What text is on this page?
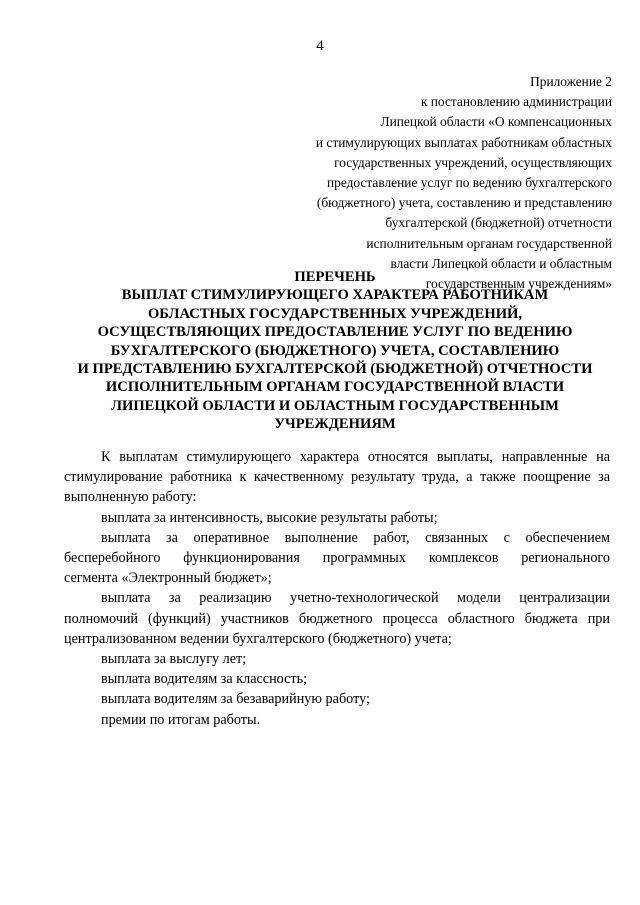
4
Приложение 2
к постановлению администрации
Липецкой области «О компенсационных
и стимулирующих выплатах работникам областных
государственных учреждений, осуществляющих
предоставление услуг по ведению бухгалтерского
(бюджетного) учета, составлению и представлению
бухгалтерской (бюджетной) отчетности
исполнительным органам государственной
власти Липецкой области и областным
государственным учреждениям»
ПЕРЕЧЕНЬ
ВЫПЛАТ СТИМУЛИРУЮЩЕГО ХАРАКТЕРА РАБОТНИКАМ
ОБЛАСТНЫХ ГОСУДАРСТВЕННЫХ УЧРЕЖДЕНИЙ,
ОСУЩЕСТВЛЯЮЩИХ ПРЕДОСТАВЛЕНИЕ УСЛУГ ПО ВЕДЕНИЮ
БУХГАЛТЕРСКОГО (БЮДЖЕТНОГО) УЧЕТА, СОСТАВЛЕНИЮ
И ПРЕДСТАВЛЕНИЮ БУХГАЛТЕРСКОЙ (БЮДЖЕТНОЙ) ОТЧЕТНОСТИ
ИСПОЛНИТЕЛЬНЫМ ОРГАНАМ ГОСУДАРСТВЕННОЙ ВЛАСТИ
ЛИПЕЦКОЙ ОБЛАСТИ И ОБЛАСТНЫМ ГОСУДАРСТВЕННЫМ
УЧРЕЖДЕНИЯМ
К выплатам стимулирующего характера относятся выплаты, направленные на
стимулирование работника к качественному результату труда, а также поощрение за
выполненную работу:
выплата за интенсивность, высокие результаты работы;
выплата за оперативное выполнение работ, связанных с обеспечением
бесперебойного функционирования программных комплексов регионального
сегмента «Электронный бюджет»;
выплата за реализацию учетно-технологической модели централизации
полномочий (функций) участников бюджетного процесса областного бюджета при
централизованном ведении бухгалтерского (бюджетного) учета;
выплата за выслугу лет;
выплата водителям за классность;
выплата водителям за безаварийную работу;
премии по итогам работы.
